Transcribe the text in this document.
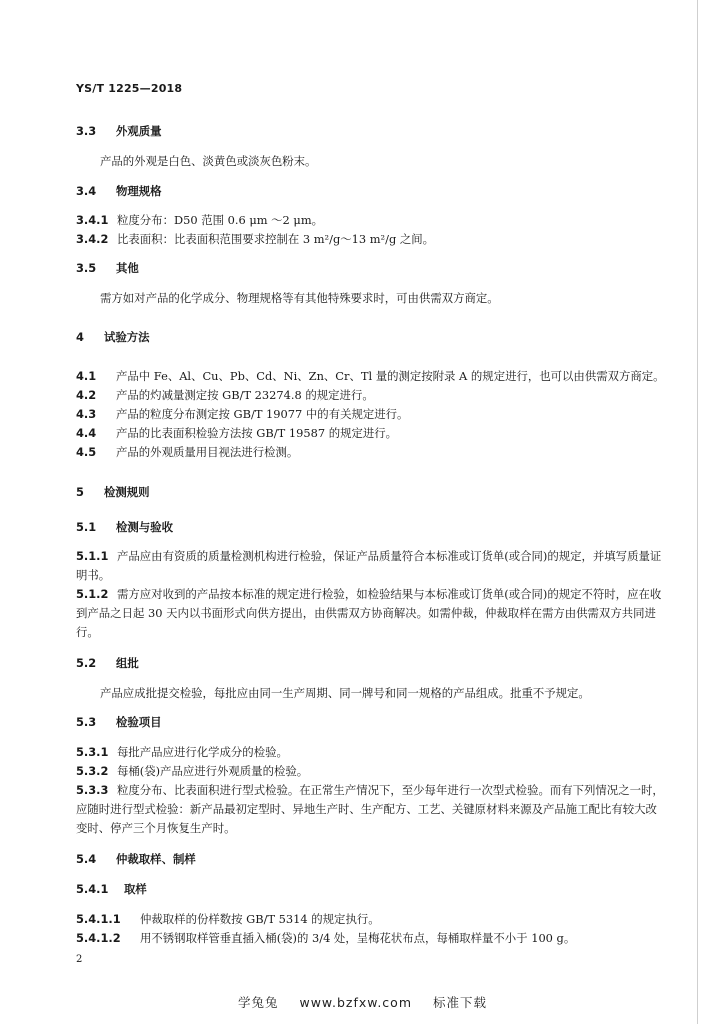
YS/T 1225—2018
3.3 外观质量
产品的外观是白色、淡黄色或淡灰色粉末。
3.4 物理规格
3.4.1 粒度分布：D50 范围 0.6 μm ～2 μm。
3.4.2 比表面积：比表面积范围要求控制在 3 m²/g～13 m²/g 之间。
3.5 其他
需方如对产品的化学成分、物理规格等有其他特殊要求时，可由供需双方商定。
4 试验方法
4.1 产品中 Fe、Al、Cu、Pb、Cd、Ni、Zn、Cr、Tl 量的测定按附录 A 的规定进行，也可以由供需双方商定。
4.2 产品的灼减量测定按 GB/T 23274.8 的规定进行。
4.3 产品的粒度分布测定按 GB/T 19077 中的有关规定进行。
4.4 产品的比表面积检验方法按 GB/T 19587 的规定进行。
4.5 产品的外观质量用目视法进行检测。
5 检测规则
5.1 检测与验收
5.1.1 产品应由有资质的质量检测机构进行检验，保证产品质量符合本标准或订货单(或合同)的规定，并填写质量证明书。
5.1.2 需方应对收到的产品按本标准的规定进行检验，如检验结果与本标准或订货单(或合同)的规定不符时，应在收到产品之日起 30 天内以书面形式向供方提出，由供需双方协商解决。如需仲裁，仲裁取样在需方由供需双方共同进行。
5.2 组批
产品应成批提交检验，每批应由同一生产周期、同一牌号和同一规格的产品组成。批重不予规定。
5.3 检验项目
5.3.1 每批产品应进行化学成分的检验。
5.3.2 每桶(袋)产品应进行外观质量的检验。
5.3.3 粒度分布、比表面积进行型式检验。在正常生产情况下，至少每年进行一次型式检验。而有下列情况之一时，应随时进行型式检验：新产品最初定型时、异地生产时、生产配方、工艺、关键原材料来源及产品施工配比有较大改变时、停产三个月恢复生产时。
5.4 仲裁取样、制样
5.4.1 取样
5.4.1.1 仲裁取样的份样数按 GB/T 5314 的规定执行。
5.4.1.2 用不锈钢取样管垂直插入桶(袋)的 3/4 处，呈梅花状布点，每桶取样量不小于 100 g。
2
学兔兔 www.bzfxw.com 标准下载
